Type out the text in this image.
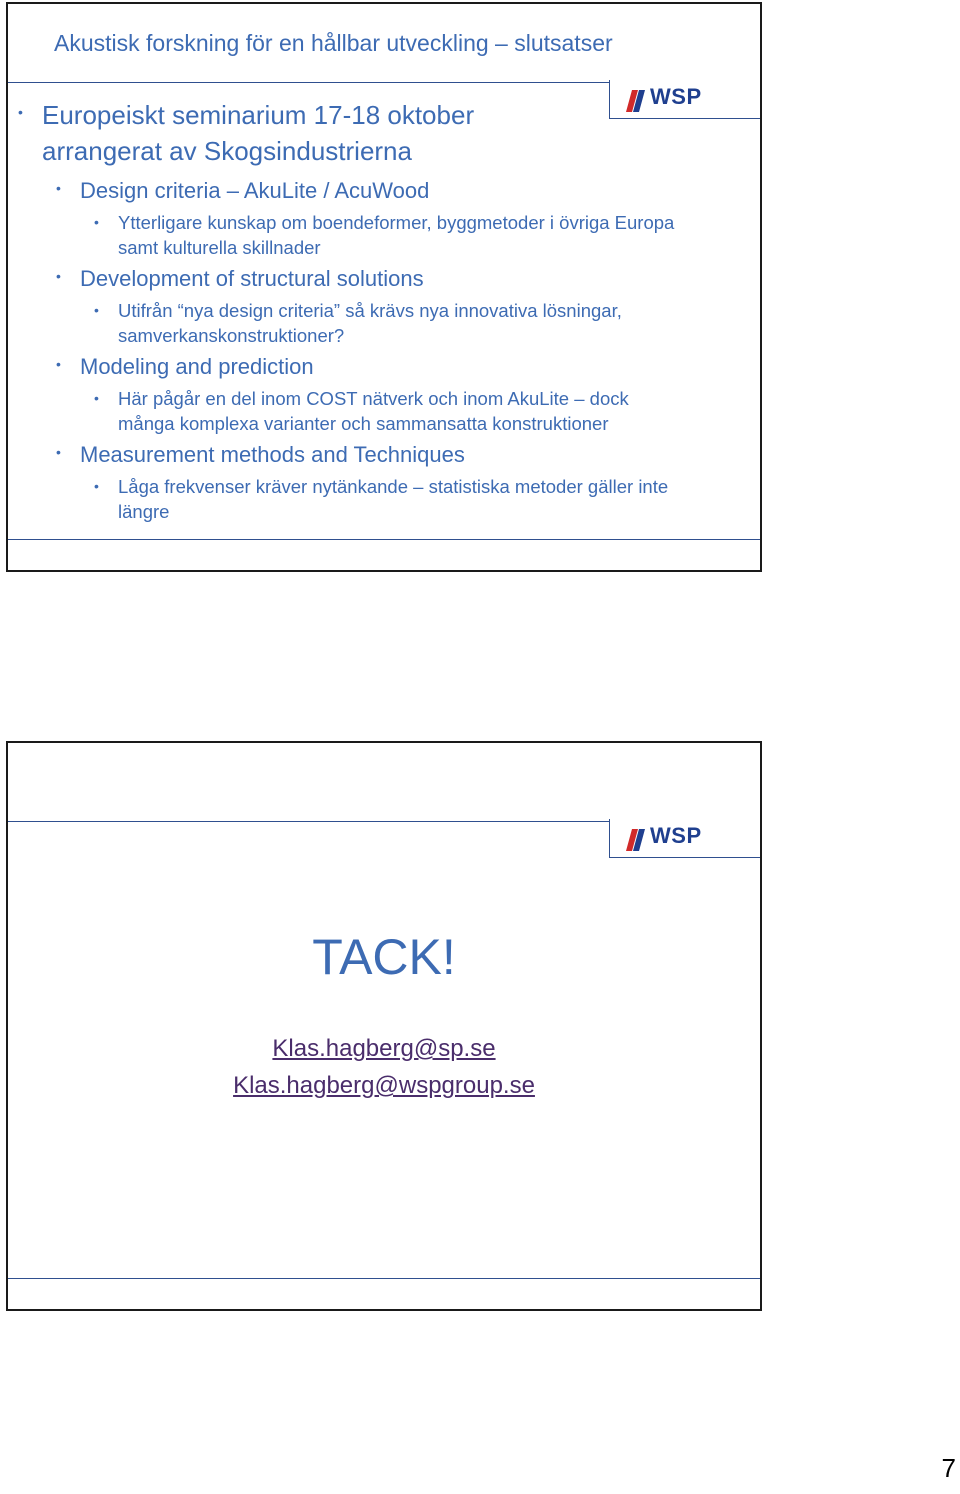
Akustisk forskning för en hållbar utveckling – slutsatser
WSP
• Europeiskt seminarium 17-18 oktober
arrangerat av Skogsindustrierna
• Design criteria – AkuLite / AcuWood
• Ytterligare kunskap om boendeformer, byggmetoder i övriga Europa
samt kulturella skillnader
• Development of structural solutions
• Utifrån “nya design criteria” så krävs nya innovativa lösningar,
samverkanskonstruktioner?
• Modeling and prediction
• Här pågår en del inom COST nätverk och inom AkuLite – dock
många komplexa varianter och sammansatta konstruktioner
• Measurement methods and Techniques
• Låga frekvenser kräver nytänkande – statistiska metoder gäller inte
längre
WSP
TACK!
Klas.hagberg@sp.se
Klas.hagberg@wspgroup.se
7
